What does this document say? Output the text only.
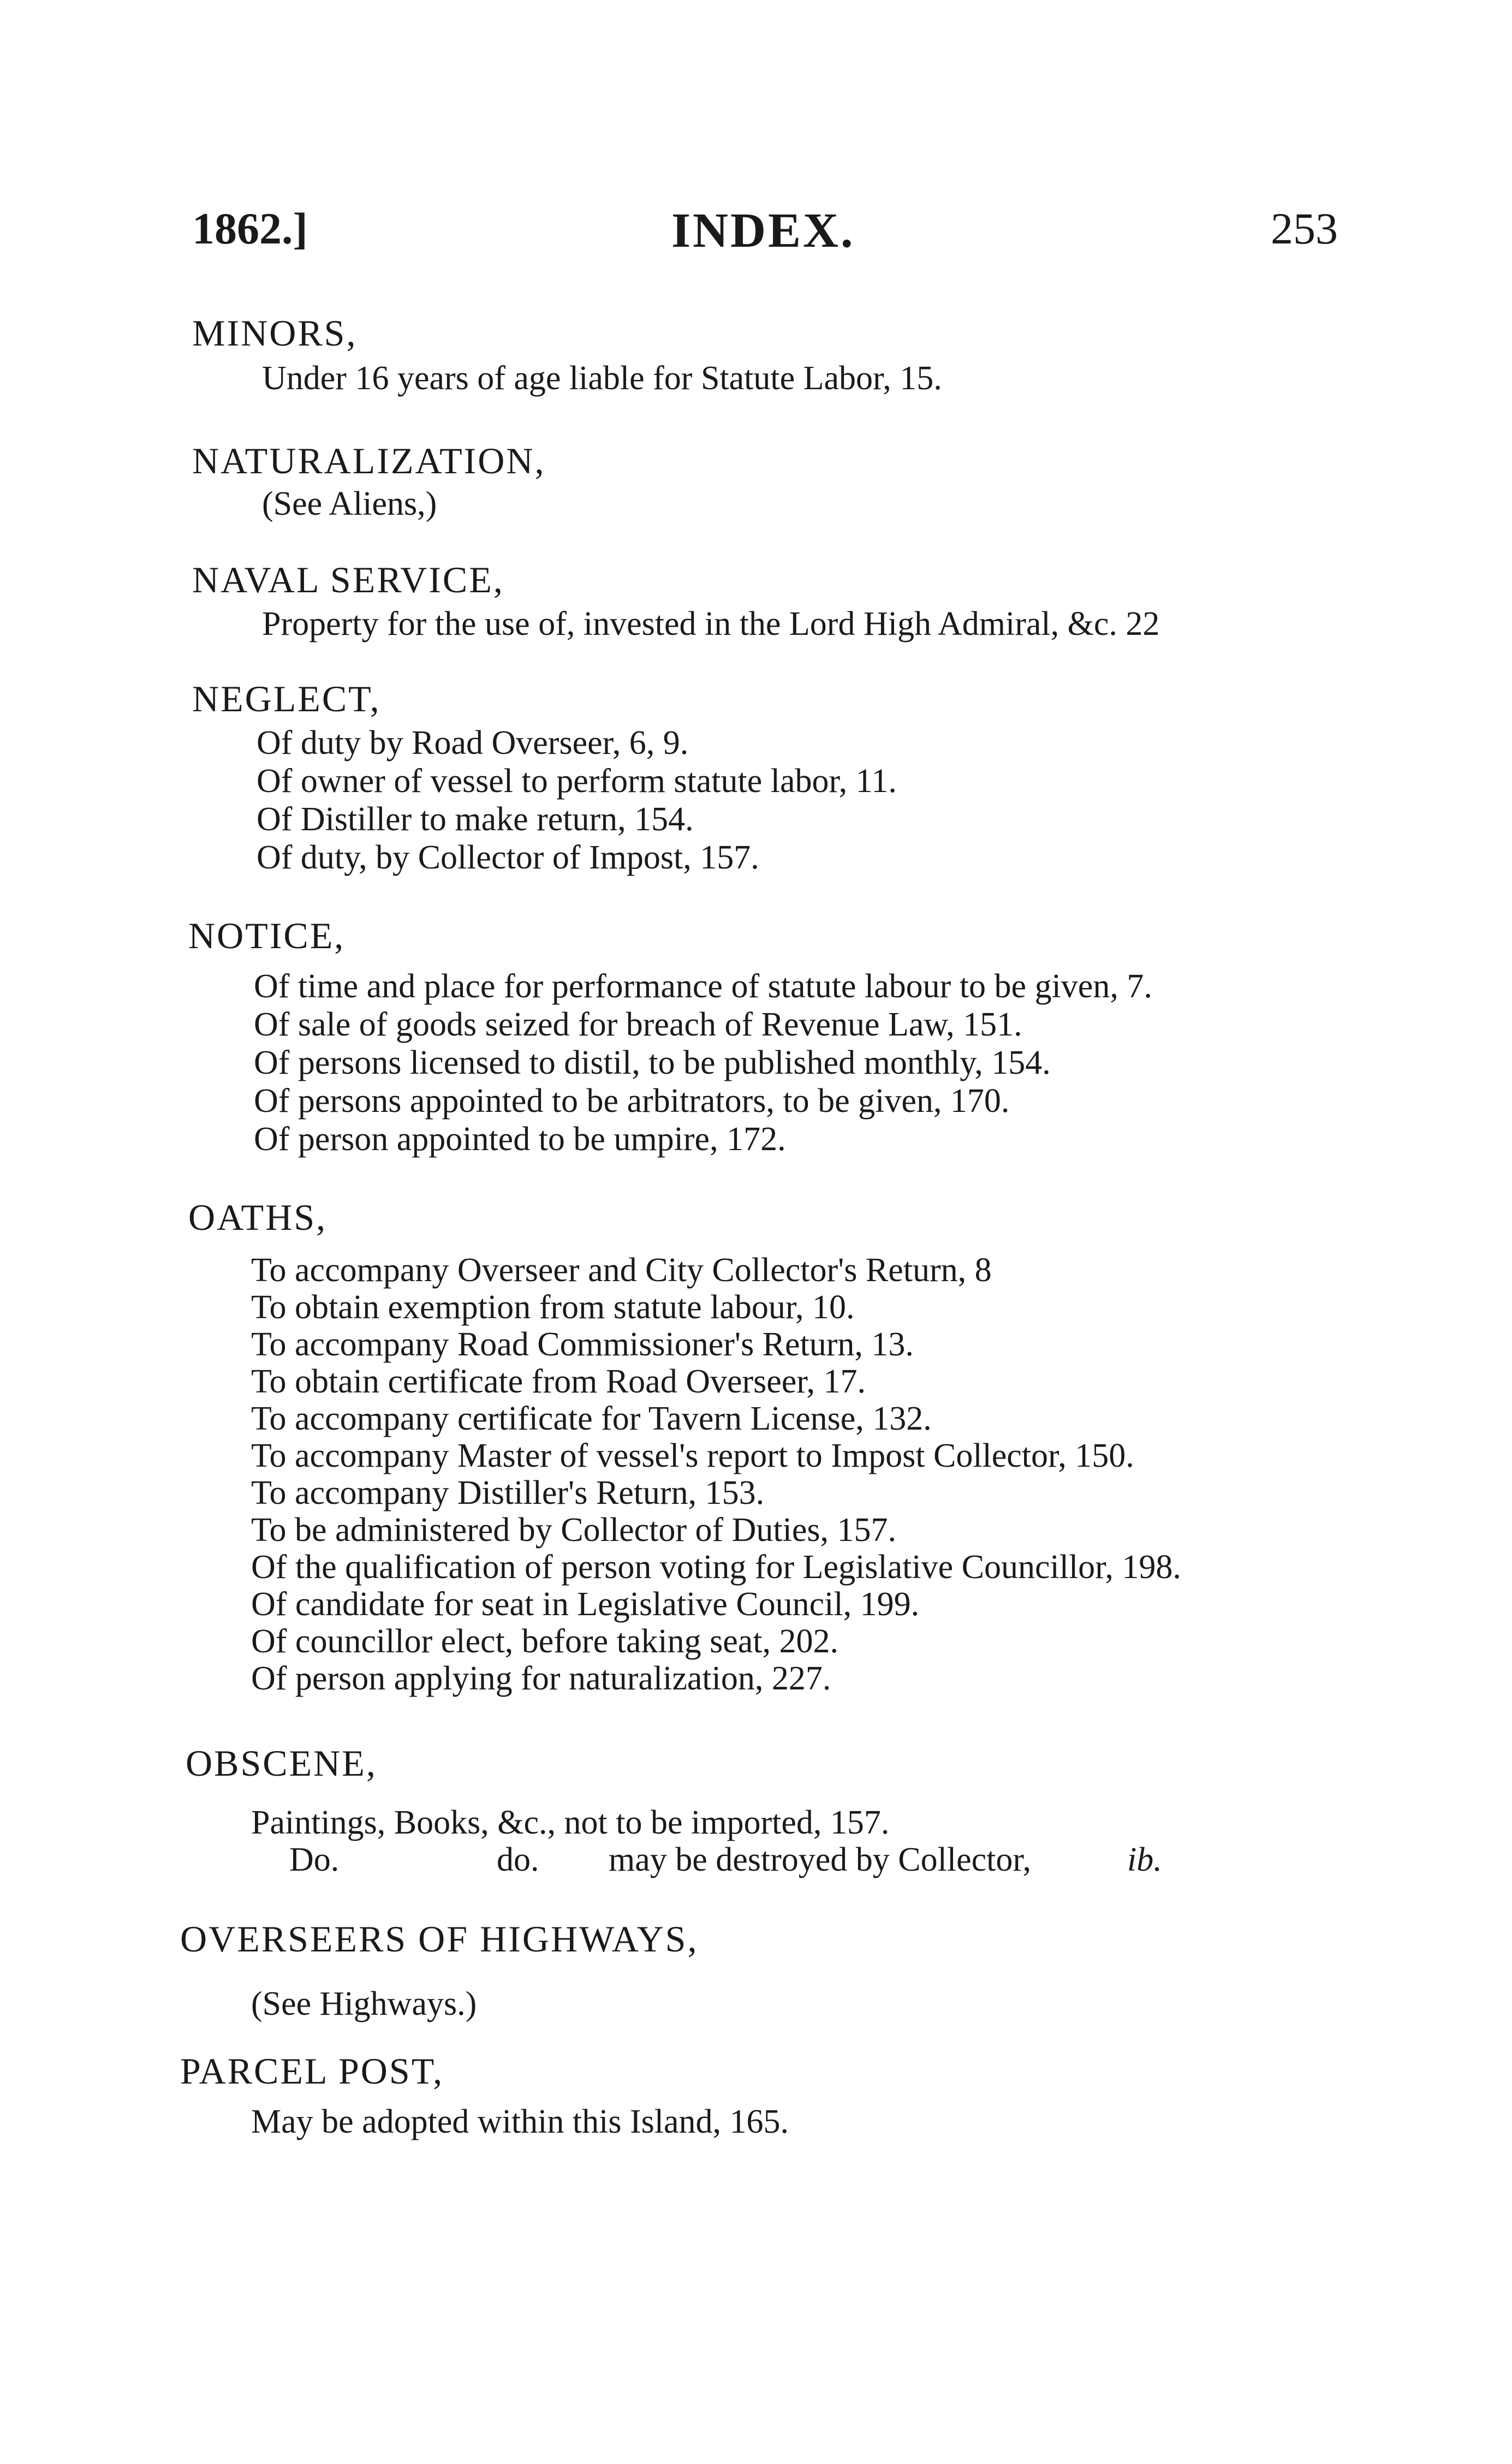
1862.]	INDEX.	253
MINORS,
Under 16 years of age liable for Statute Labor, 15.
NATURALIZATION,
(See Aliens,)
NAVAL SERVICE,
Property for the use of, invested in the Lord High Admiral, &c. 22
NEGLECT,
Of duty by Road Overseer, 6, 9.
Of owner of vessel to perform statute labor, 11.
Of Distiller to make return, 154.
Of duty, by Collector of Impost, 157.
NOTICE,
Of time and place for performance of statute labour to be given, 7.
Of sale of goods seized for breach of Revenue Law, 151.
Of persons licensed to distil, to be published monthly, 154.
Of persons appointed to be arbitrators, to be given, 170.
Of person appointed to be umpire, 172.
OATHS,
To accompany Overseer and City Collector's Return, 8
To obtain exemption from statute labour, 10.
To accompany Road Commissioner's Return, 13.
To obtain certificate from Road Overseer, 17.
To accompany certificate for Tavern License, 132.
To accompany Master of vessel's report to Impost Collector, 150.
To accompany Distiller's Return, 153.
To be administered by Collector of Duties, 157.
Of the qualification of person voting for Legislative Councillor, 198.
Of candidate for seat in Legislative Council, 199.
Of councillor elect, before taking seat, 202.
Of person applying for naturalization, 227.
OBSCENE,
Paintings, Books, &c., not to be imported, 157.
Do.	do. may be destroyed by Collector,	ib.
OVERSEERS OF HIGHWAYS,
(See Highways.)
PARCEL POST,
May be adopted within this Island, 165.
